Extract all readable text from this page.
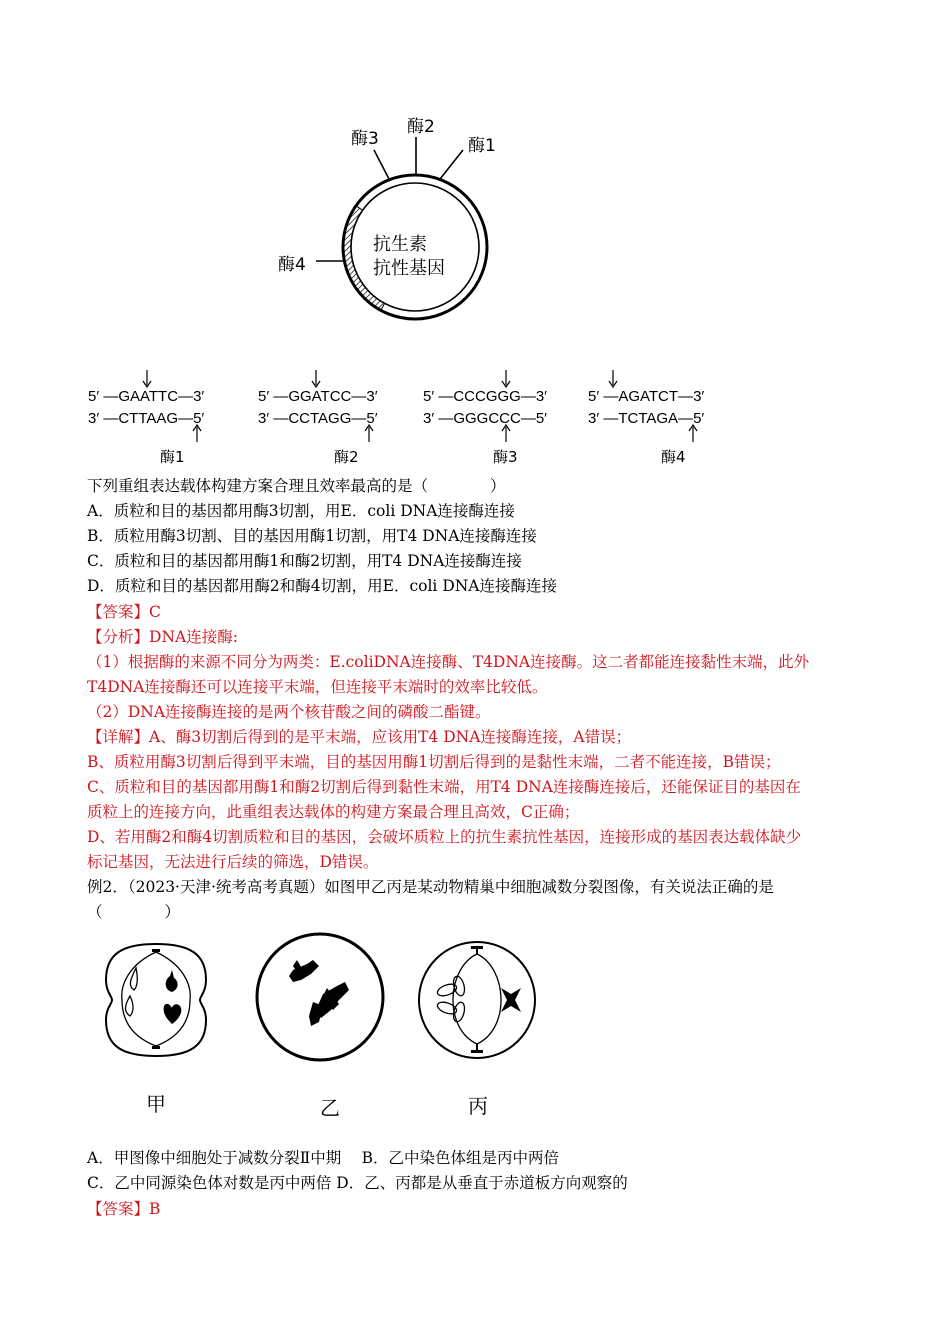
酶2
酶1
酶3
酶4
抗生素
抗性基因
5′ —GAATTC—3′
3′ —CTTAAG—5′
酶1
5′ —GGATCC—3′
3′ —CCTAGG—5′
酶2
5′ —CCCGGG—3′
3′ —GGGCCC—5′
酶3
5′ —AGATCT—3′
3′ —TCTAGA—5′
酶4
下列重组表达载体构建方案合理且效率最高的是（　　　　）
A．质粒和目的基因都用酶3切割，用E．coli DNA连接酶连接
B．质粒用酶3切割、目的基因用酶1切割，用T4 DNA连接酶连接
C．质粒和目的基因都用酶1和酶2切割，用T4 DNA连接酶连接
D．质粒和目的基因都用酶2和酶4切割，用E．coli DNA连接酶连接
【答案】C
【分析】DNA连接酶:
（1）根据酶的来源不同分为两类：E.coliDNA连接酶、T4DNA连接酶。这二者都能连接黏性末端，此外
T4DNA连接酶还可以连接平末端，但连接平末端时的效率比较低。
（2）DNA连接酶连接的是两个核苷酸之间的磷酸二酯键。
【详解】A、酶3切割后得到的是平末端，应该用T4 DNA连接酶连接，A错误；
B、质粒用酶3切割后得到平末端，目的基因用酶1切割后得到的是黏性末端，二者不能连接，B错误；
C、质粒和目的基因都用酶1和酶2切割后得到黏性末端，用T4 DNA连接酶连接后，还能保证目的基因在
质粒上的连接方向，此重组表达载体的构建方案最合理且高效，C正确；
D、若用酶2和酶4切割质粒和目的基因，会破坏质粒上的抗生素抗性基因，连接形成的基因表达载体缺少
标记基因，无法进行后续的筛选，D错误。
例2．（2023·天津·统考高考真题）如图甲乙丙是某动物精巢中细胞减数分裂图像，有关说法正确的是
（　　　　）
甲	乙	丙
A．甲图像中细胞处于减数分裂Ⅱ中期　 B．乙中染色体组是丙中两倍
C．乙中同源染色体对数是丙中两倍 D．乙、丙都是从垂直于赤道板方向观察的
【答案】B
